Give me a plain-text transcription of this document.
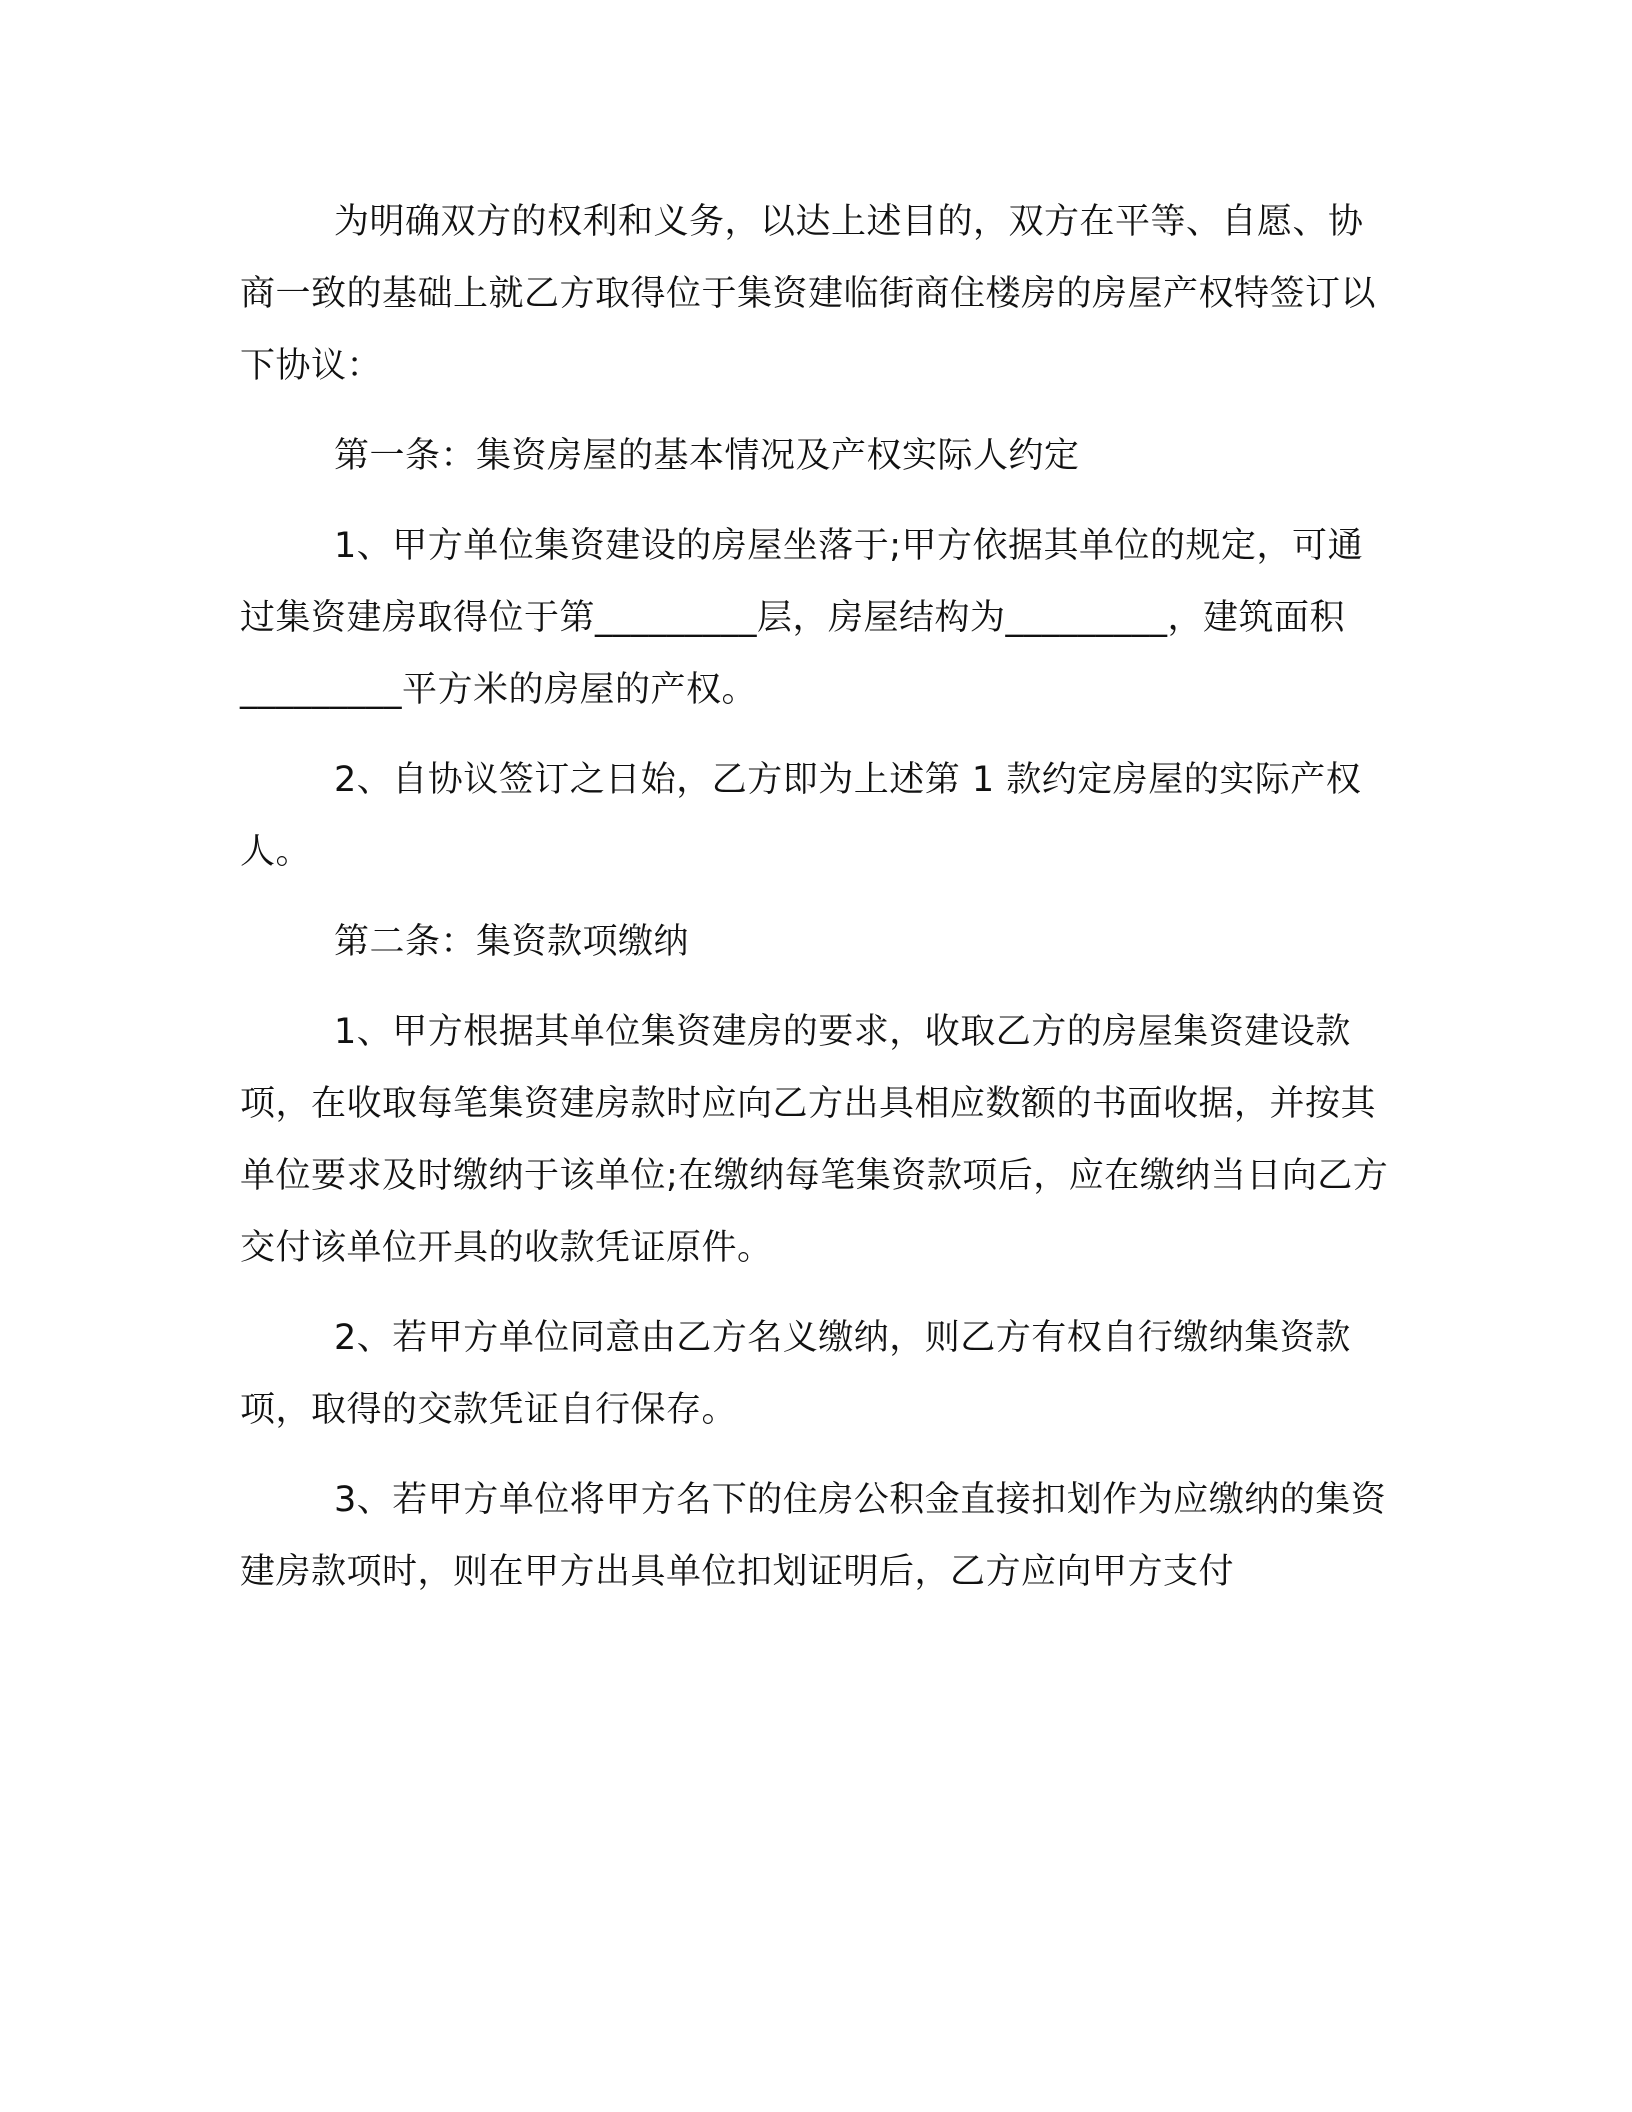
为明确双方的权利和义务，以达上述目的，双方在平等、自愿、协商一致的基础上就乙方取得位于集资建临街商住楼房的房屋产权特签订以下协议：

第一条：集资房屋的基本情况及产权实际人约定

1、甲方单位集资建设的房屋坐落于;甲方依据其单位的规定，可通过集资建房取得位于第_________层，房屋结构为_________，建筑面积_________平方米的房屋的产权。

2、自协议签订之日始，乙方即为上述第 1 款约定房屋的实际产权人。

第二条：集资款项缴纳

1、甲方根据其单位集资建房的要求，收取乙方的房屋集资建设款项，在收取每笔集资建房款时应向乙方出具相应数额的书面收据，并按其单位要求及时缴纳于该单位;在缴纳每笔集资款项后，应在缴纳当日向乙方交付该单位开具的收款凭证原件。

2、若甲方单位同意由乙方名义缴纳，则乙方有权自行缴纳集资款项，取得的交款凭证自行保存。

3、若甲方单位将甲方名下的住房公积金直接扣划作为应缴纳的集资建房款项时，则在甲方出具单位扣划证明后，乙方应向甲方支付
